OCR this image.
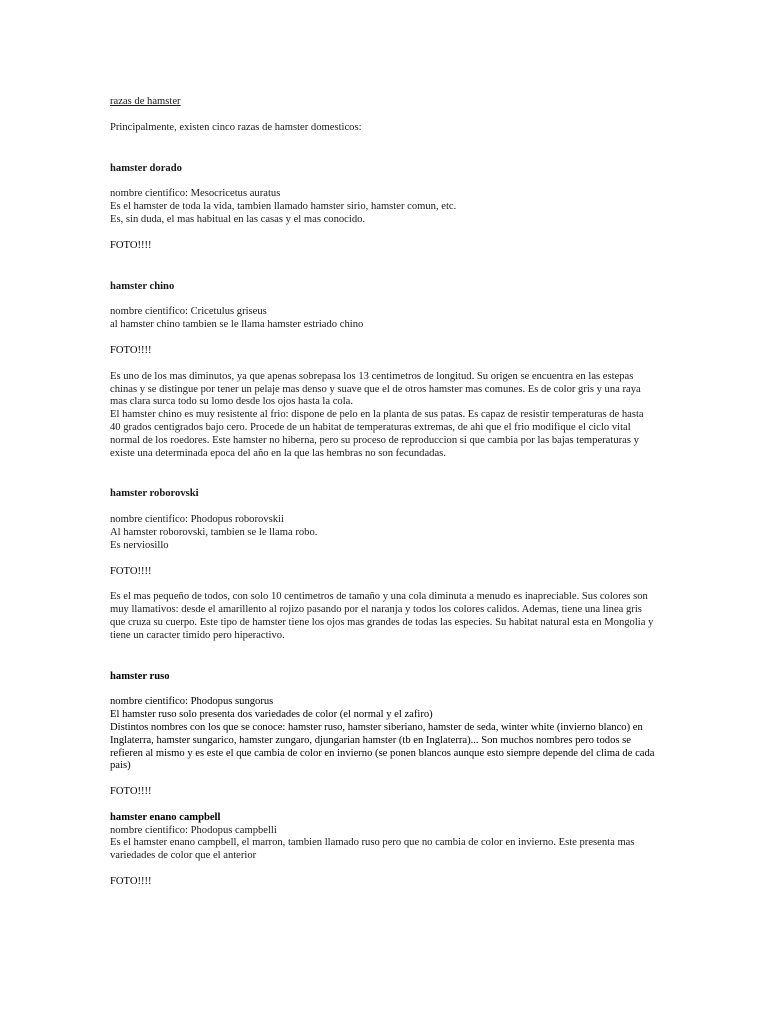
razas de hamster
Principalmente, existen cinco razas de hamster domesticos:
hamster dorado
nombre cientifico: Mesocricetus auratus
Es el hamster de toda la vida, tambien llamado hamster sirio, hamster comun, etc.
Es, sin duda, el mas habitual en las casas y el mas conocido.
FOTO!!!!
hamster chino
nombre cientifico: Cricetulus griseus
al hamster chino tambien se le llama hamster estriado chino
FOTO!!!!
Es uno de los mas diminutos, ya que apenas sobrepasa los 13 centimetros de longitud. Su origen se encuentra en las estepas chinas y se distingue por tener un pelaje mas denso y suave que el de otros hamster mas comunes. Es de color gris y una raya mas clara surca todo su lomo desde los ojos hasta la cola.
El hamster chino es muy resistente al frio: dispone de pelo en la planta de sus patas. Es capaz de resistir temperaturas de hasta 40 grados centigrados bajo cero. Procede de un habitat de temperaturas extremas, de ahi que el frio modifique el ciclo vital normal de los roedores. Este hamster no hiberna, pero su proceso de reproduccion si que cambia por las bajas temperaturas y existe una determinada epoca del año en la que las hembras no son fecundadas.
hamster roborovski
nombre cientifico: Phodopus roborovskii
Al hamster roborovski, tambien se le llama robo.
Es nerviosillo
FOTO!!!!
Es el mas pequeño de todos, con solo 10 centimetros de tamaño y una cola diminuta a menudo es inapreciable. Sus colores son muy llamativos: desde el amarillento al rojizo pasando por el naranja y todos los colores calidos. Ademas, tiene una linea gris que cruza su cuerpo. Este tipo de hamster tiene los ojos mas grandes de todas las especies. Su habitat natural esta en Mongolia y tiene un caracter timido pero hiperactivo.
hamster ruso
nombre cientifico: Phodopus sungorus
El hamster ruso solo presenta dos variedades de color (el normal y el zafiro)
Distintos nombres con los que se conoce: hamster ruso, hamster siberiano, hamster de seda, winter white (invierno blanco) en Inglaterra, hamster sungarico, hamster zungaro, djungarian hamster (tb en Inglaterra)... Son muchos nombres pero todos se refieren al mismo y es este el que cambia de color en invierno (se ponen blancos aunque esto siempre depende del clima de cada pais)
FOTO!!!!
hamster enano campbell
nombre cientifico: Phodopus campbelli
Es el hamster enano campbell, el marron, tambien llamado ruso pero que no cambia de color en invierno. Este presenta mas variedades de color que el anterior
FOTO!!!!
